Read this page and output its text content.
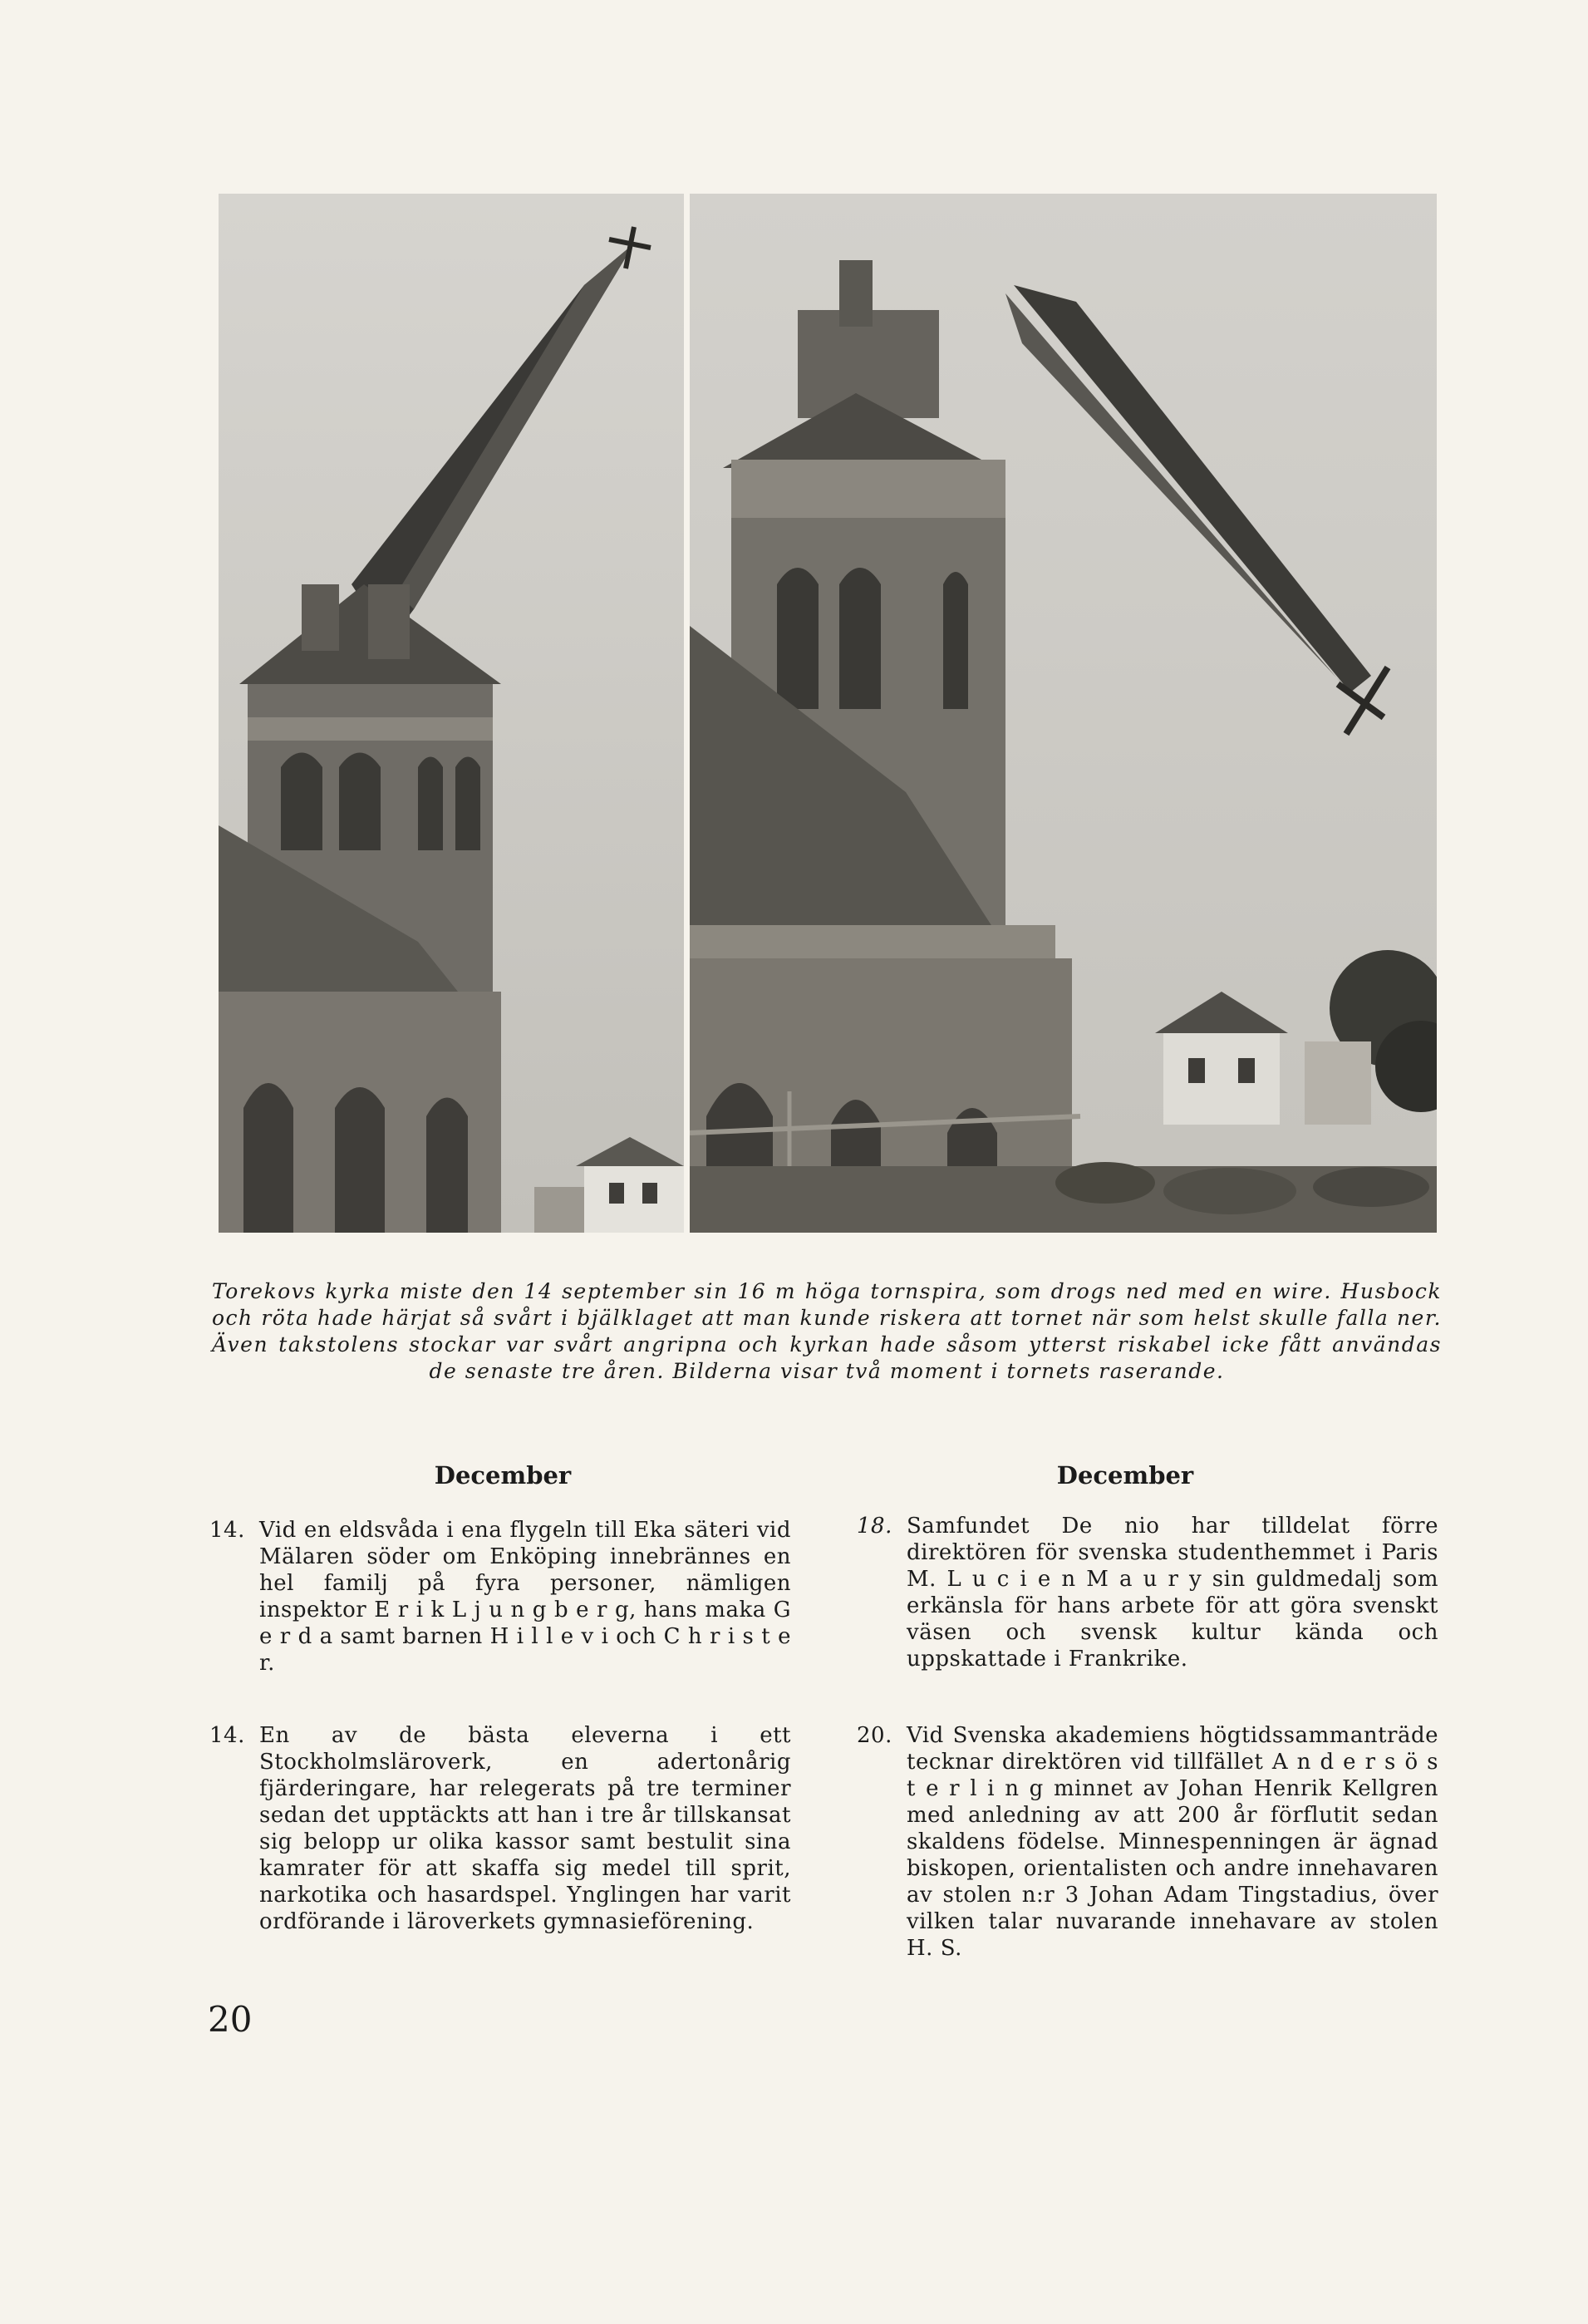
Torekovs kyrka miste den 14 september sin 16 m höga tornspira, som drogs ned med en wire. Husbock och röta hade härjat så svårt i bjälklaget att man kunde riskera att tornet när som helst skulle falla ner. Även takstolens stockar var svårt angripna och kyrkan hade såsom ytterst riskabel icke fått användas de senaste tre åren. Bilderna visar två moment i tornets raserande.
December	December
14. Vid en eldsvåda i ena flygeln till Eka säteri vid Mälaren söder om Enköping innebrännes en hel familj på fyra personer, nämligen inspektor E r i k L j u n g b e r g, hans maka G e r d a samt barnen H i l l e v i och C h r i s t e r.
14. En av de bästa eleverna i ett Stockholmsläroverk, en adertonårig fjärderingare, har relegerats på tre terminer sedan det upptäckts att han i tre år tillskansat sig belopp ur olika kassor samt bestulit sina kamrater för att skaffa sig medel till sprit, narkotika och hasardspel. Ynglingen har varit ordförande i läroverkets gymnasieförening.
18. Samfundet De nio har tilldelat förre direktören för svenska studenthemmet i Paris M. L u c i e n M a u r y sin guldmedalj som erkänsla för hans arbete för att göra svenskt väsen och svensk kultur kända och uppskattade i Frankrike.
20. Vid Svenska akademiens högtidssammanträde tecknar direktören vid tillfället A n d e r s ö s t e r l i n g minnet av Johan Henrik Kellgren med anledning av att 200 år förflutit sedan skaldens födelse. Minnespenningen är ägnad biskopen, orientalisten och andre innehavaren av stolen n:r 3 Johan Adam Tingstadius, över vilken talar nuvarande innehavare av stolen H. S.
20
